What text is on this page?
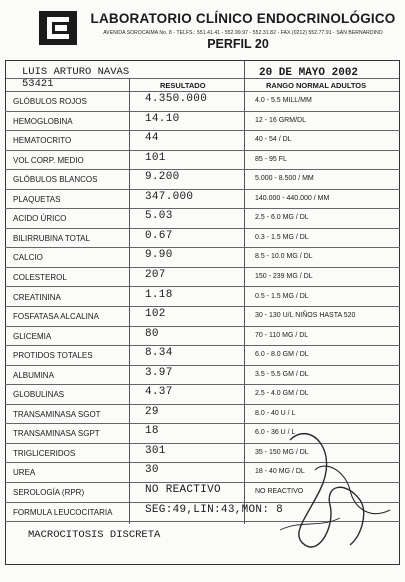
LABORATORIO CLÍNICO ENDOCRINOLÓGICO
AVENIDA SOROCAIMA No. 8 - TELFS.: 551.41.41 - 552.99.97 - 552.31.82 - FAX (0212) 552.77.91 - SAN BERNARDINO
PERFIL 20
LUIS ARTURO NAVAS
53421
20 DE MAYO 2002
RESULTADO	RANGO NORMAL ADULTOS
GLÓBULOS ROJOS	4.350.000	4.0 - 5.5 MILL/MM
HEMOGLOBINA	14.10	12 - 16 GRM/DL
HEMATOCRITO	44	40 - 54 / DL
VOL CORP. MEDIO	101	85 - 95 FL
GLÓBULOS BLANCOS	9.200	5.000 - 8.500 / MM
PLAQUETAS	347.000	140.000 - 440.000 / MM
ACIDO ÚRICO	5.03	2.5 - 6.0 MG / DL
BILIRRUBINA TOTAL	0.67	0.3 - 1.5 MG / DL
CALCIO	9.90	8.5 - 10.0 MG / DL
COLESTEROL	207	150 - 239 MG / DL
CREATININA	1.18	0.5 - 1.5 MG / DL
FOSFATASA ALCALINA	102	30 - 130 U/L NIÑOS HASTA 520
GLICEMIA	80	70 - 110 MG / DL
PROTIDOS TOTALES	8.34	6.0 - 8.0 GM / DL
ALBUMINA	3.97	3.5 - 5.5 GM / DL
GLOBULINAS	4.37	2.5 - 4.0 GM / DL
TRANSAMINASA SGOT	29	8.0 - 40 U / L
TRANSAMINASA SGPT	18	6.0 - 36 U / L
TRIGLICERIDOS	301	35 - 150 MG / DL
UREA	30	18 - 40 MG / DL
SEROLOGÍA (RPR)	NO REACTIVO	NO REACTIVO
FORMULA LEUCOCITARIA	SEG:49,LIN:43,MON: 8
MACROCITOSIS DISCRETA
